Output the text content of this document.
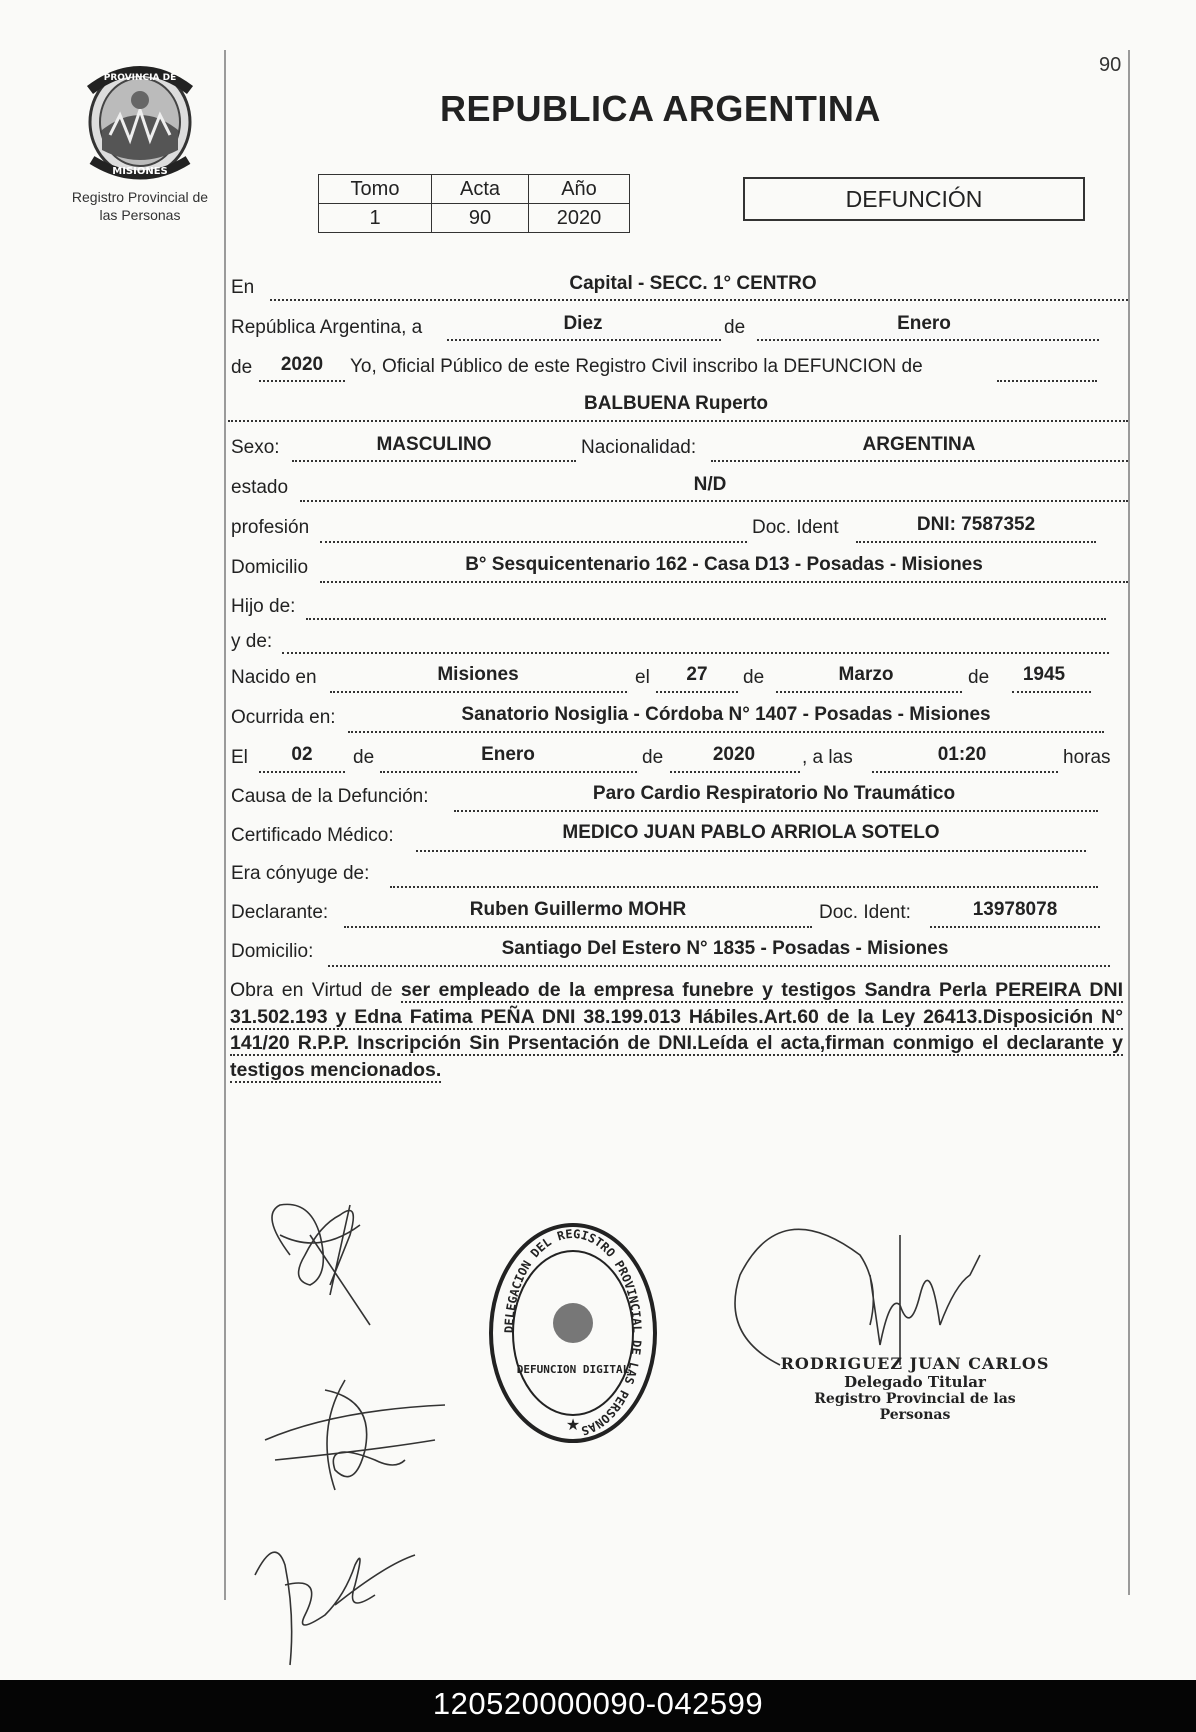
PROVINCIA DE
MISIONES
Registro Provincial de
las Personas
REPUBLICA ARGENTINA
90
Tomo	Acta	Año
1	90	2020
DEFUNCIÓN
En	Capital - SECC. 1° CENTRO
República Argentina, a	Diez	de	Enero
de 2020 Yo, Oficial Público de este Registro Civil inscribo la DEFUNCION de
BALBUENA Ruperto
Sexo:	MASCULINO	Nacionalidad:	ARGENTINA
estado	N/D
profesión	Doc. Ident	DNI: 7587352
Domicilio	B° Sesquicentenario 162 - Casa D13 - Posadas - Misiones
Hijo de:
y de:
Nacido en	Misiones	el 27 de	Marzo	de 1945
Ocurrida en:	Sanatorio Nosiglia - Córdoba N° 1407 - Posadas - Misiones
El 02 de	Enero	de	2020 , a las	01:20	horas
Causa de la Defunción:	Paro Cardio Respiratorio No Traumático
Certificado Médico:	MEDICO JUAN PABLO ARRIOLA SOTELO
Era cónyuge de:
Declarante:	Ruben Guillermo MOHR	Doc. Ident:	13978078
Domicilio:	Santiago Del Estero N° 1835 - Posadas - Misiones
Obra en Virtud de ser empleado de la empresa funebre y testigos Sandra Perla PEREIRA DNI 31.502.193 y Edna Fatima PEÑA DNI 38.199.013 Hábiles.Art.60 de la Ley 26413.Disposición N° 141/20 R.P.P. Inscripción Sin Prsentación de DNI.Leída el acta,firman conmigo el declarante y testigos mencionados.
DELEGACION DEL REGISTRO PROVINCIAL DE LAS PERSONAS
DEFUNCION DIGITAL
★
RODRIGUEZ JUAN CARLOS
Delegado Titular
Registro Provincial de las Personas
120520000090-042599
